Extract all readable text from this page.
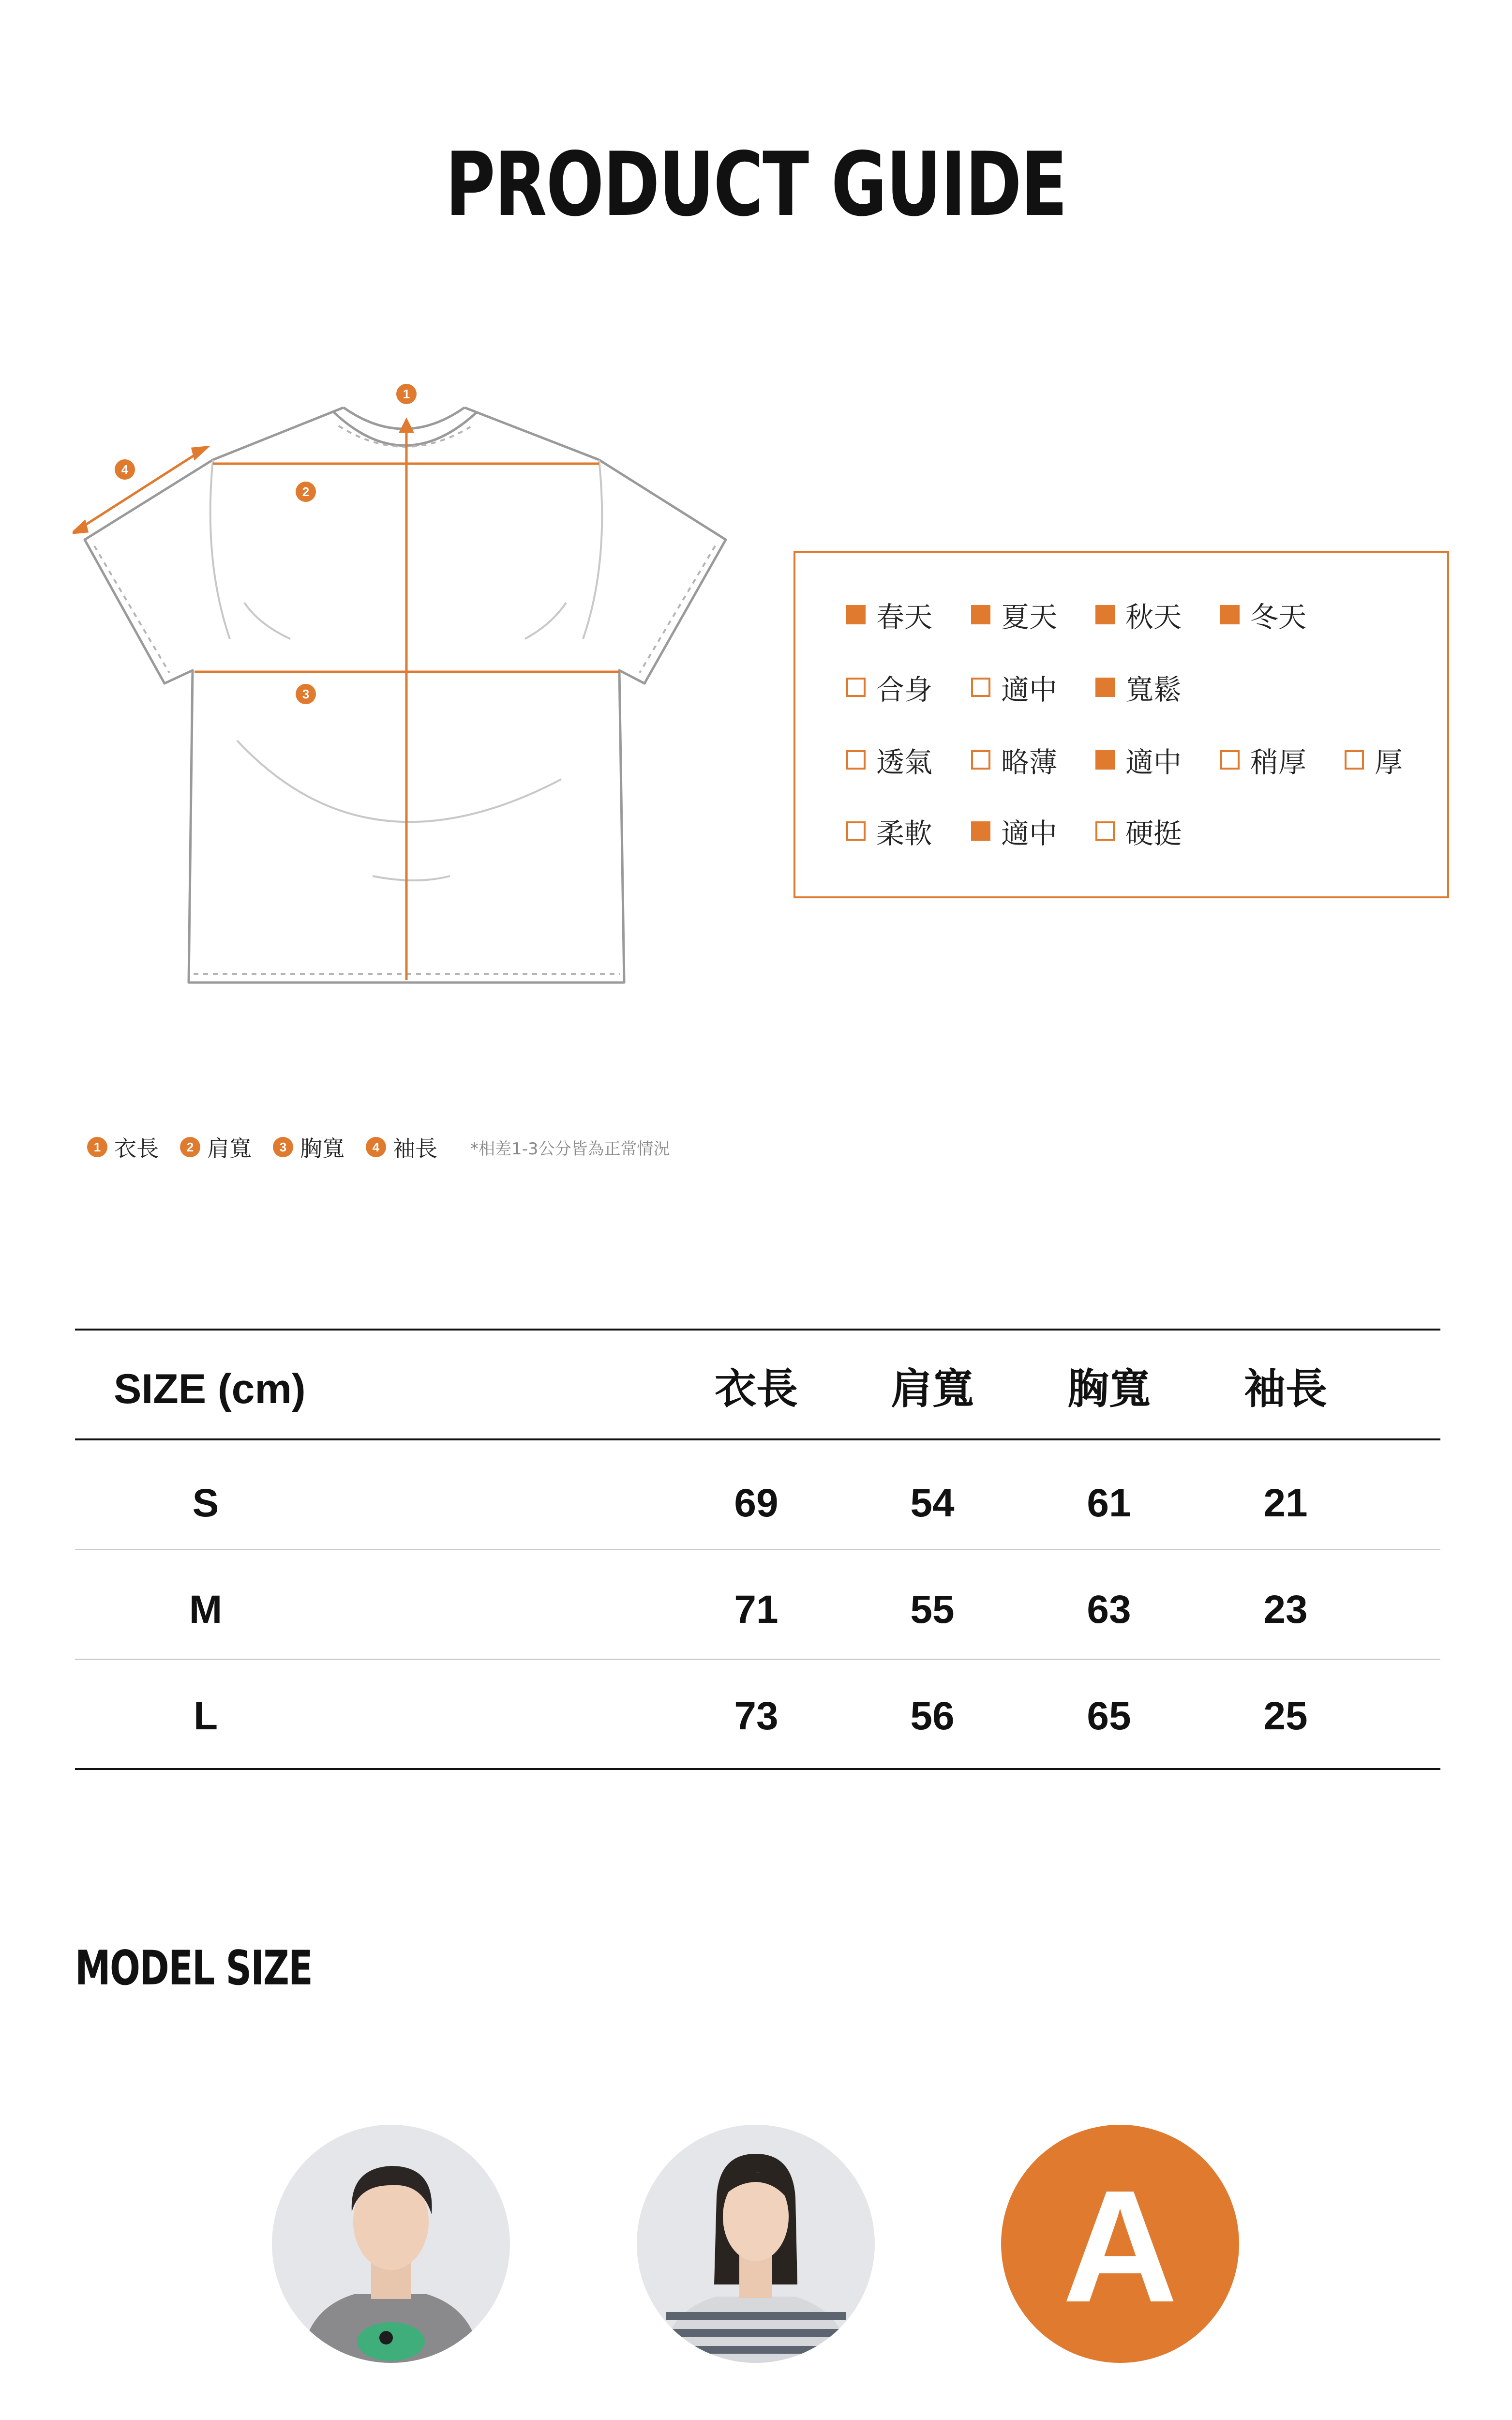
PRODUCT GUIDE
1
2
3
4
春天 夏天 秋天 冬天
合身 適中 寬鬆
透氣 略薄 適中 稍厚 厚
柔軟 適中 硬挺
1 衣長	2 肩寬	3 胸寬	4 袖長 *相差1-3公分皆為正常情況
SIZE (cm)	衣長	肩寬	胸寬	袖長
S	69	54	61	21
M	71	55	63	23
L	73	56	65	25
MODEL SIZE
A
